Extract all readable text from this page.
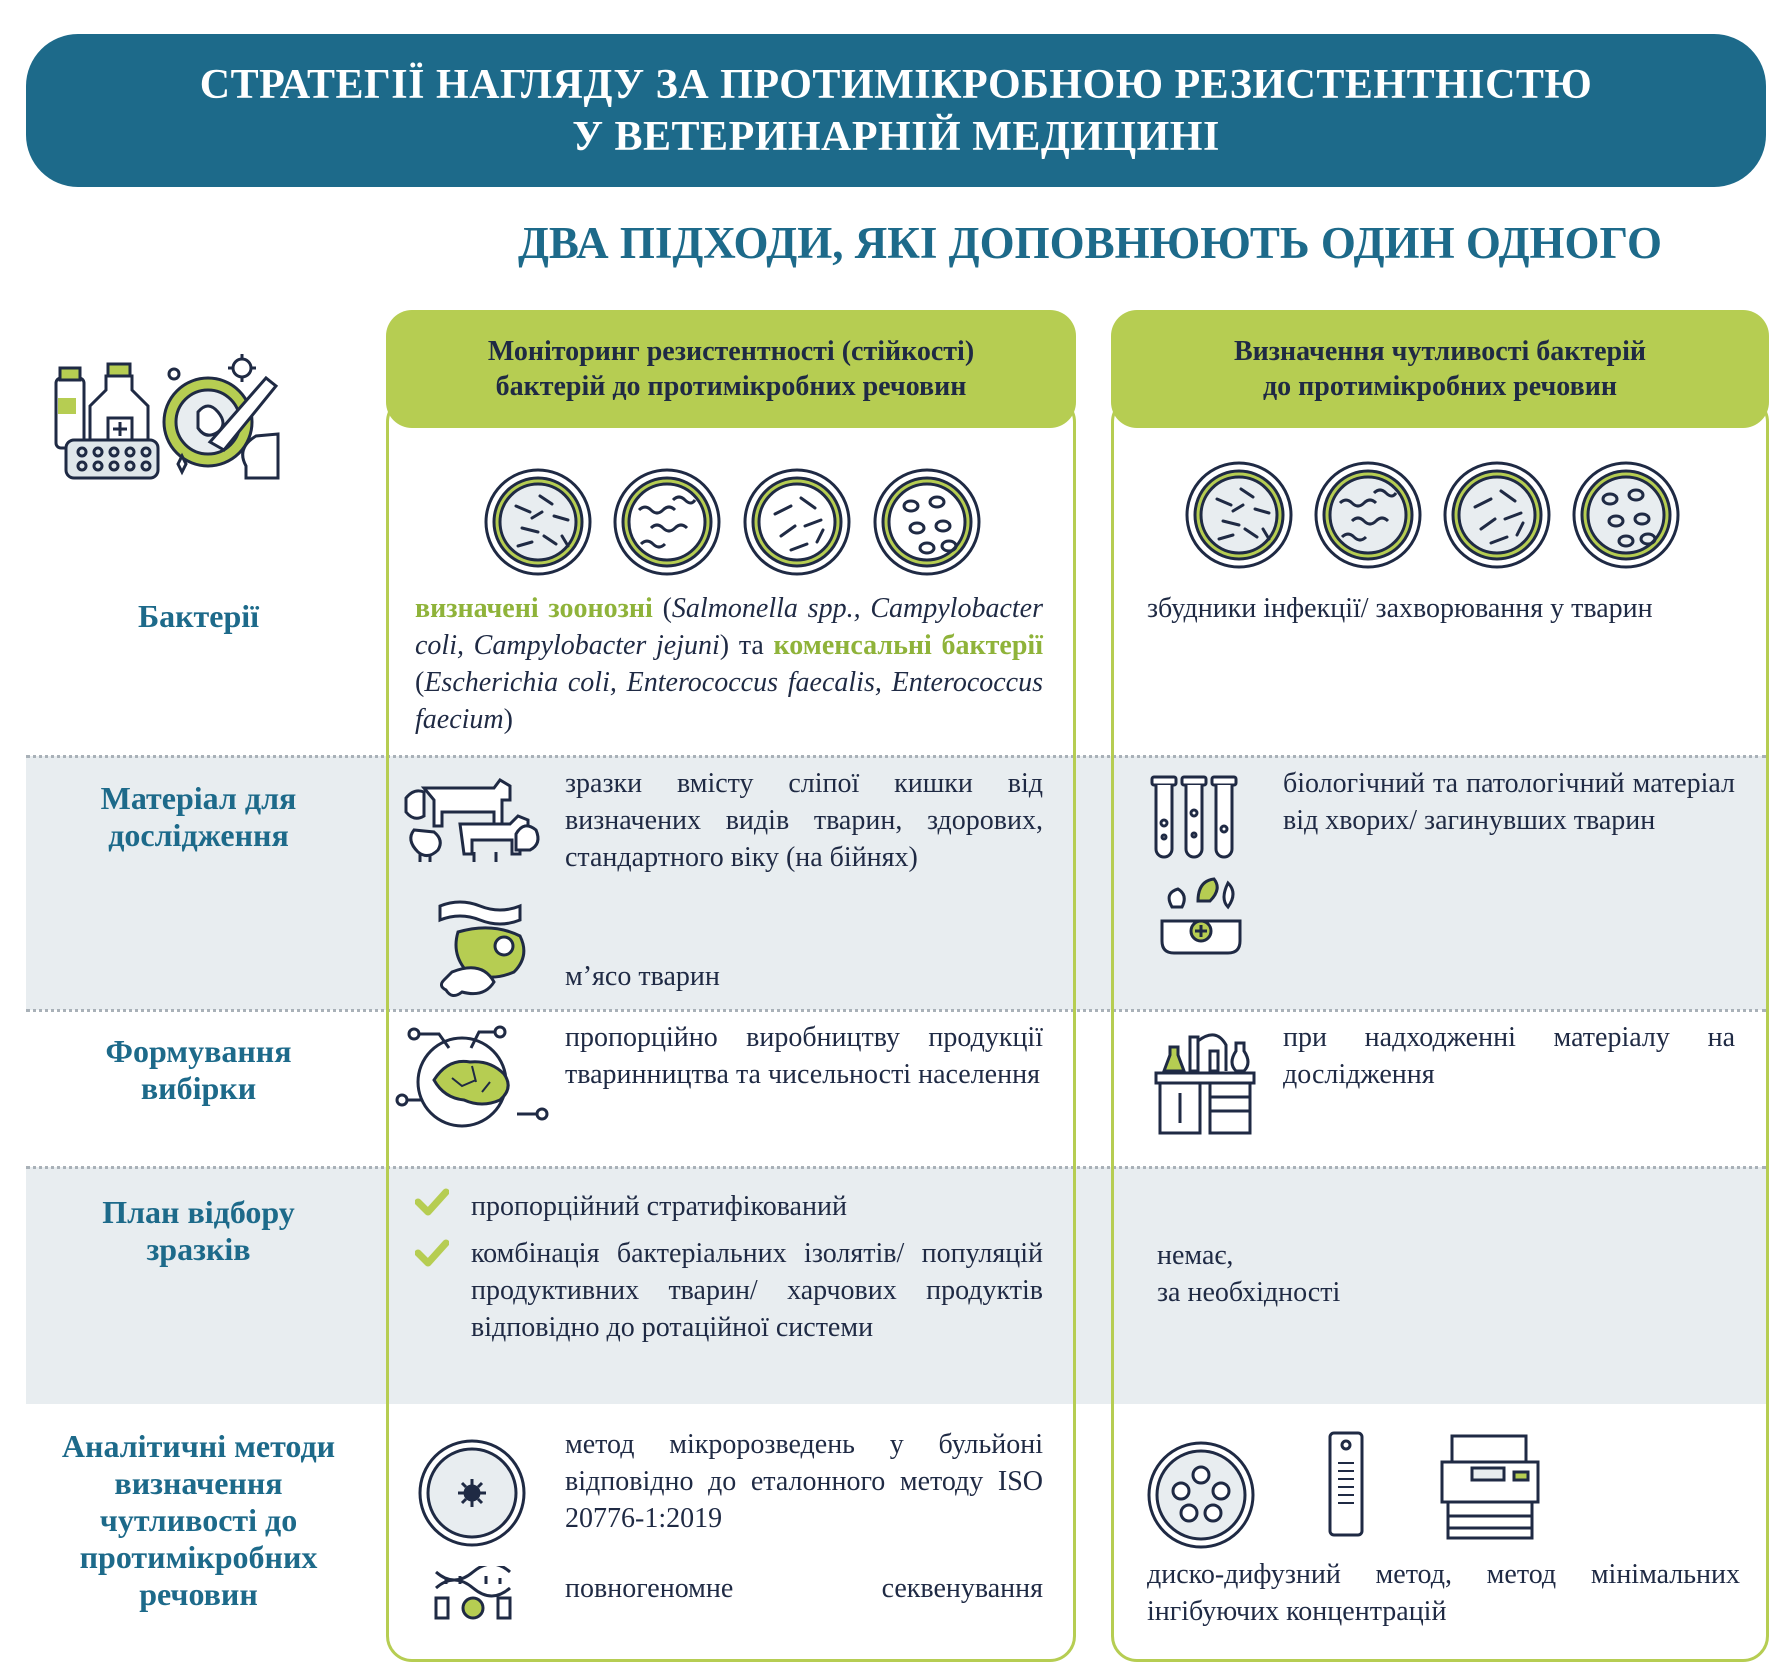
СТРАТЕГІЇ НАГЛЯДУ ЗА ПРОТИМІКРОБНОЮ РЕЗИСТЕНТНІСТЮ
У ВЕТЕРИНАРНІЙ МЕДИЦИНІ
ДВА ПІДХОДИ, ЯКІ ДОПОВНЮЮТЬ ОДИН ОДНОГО
Моніторинг резистентності (стійкості)
бактерій до протимікробних речовин
Визначення чутливості бактерій
до протимікробних речовин
Бактерії	визначені зоонозні (Salmonella spp., Campylobacter coli, Campylobacter jejuni) та коменсальні бактерії (Escherichia coli, Enterococcus faecalis, Enterococcus faecium)
збудники інфекції/ захворювання у тварин
Матеріал для
дослідження
зразки вмісту сліпої кишки від визначених видів тварин, здорових, стандартного віку (на бійнях)
м’ясо тварин
біологічний та патологічний матеріал від хворих/ загинувших тварин
Формування
вибірки
пропорційно виробництву продукції тваринництва та чисельності населення
при надходженні матеріалу на дослідження
План відбору
зразків
пропорційний стратифікований
комбінація бактеріальних ізолятів/ популяцій продуктивних тварин/ харчових продуктів відповідно до ротаційної системи
немає,
за необхідності
Аналітичні методи
визначення
чутливості до
протимікробних
речовин
метод мікророзведень у бульйоні відповідно до еталонного методу ISO 20776-1:2019
повногеномне секвенування	диско-дифузний метод, метод мінімальних інгібуючих концентрацій
